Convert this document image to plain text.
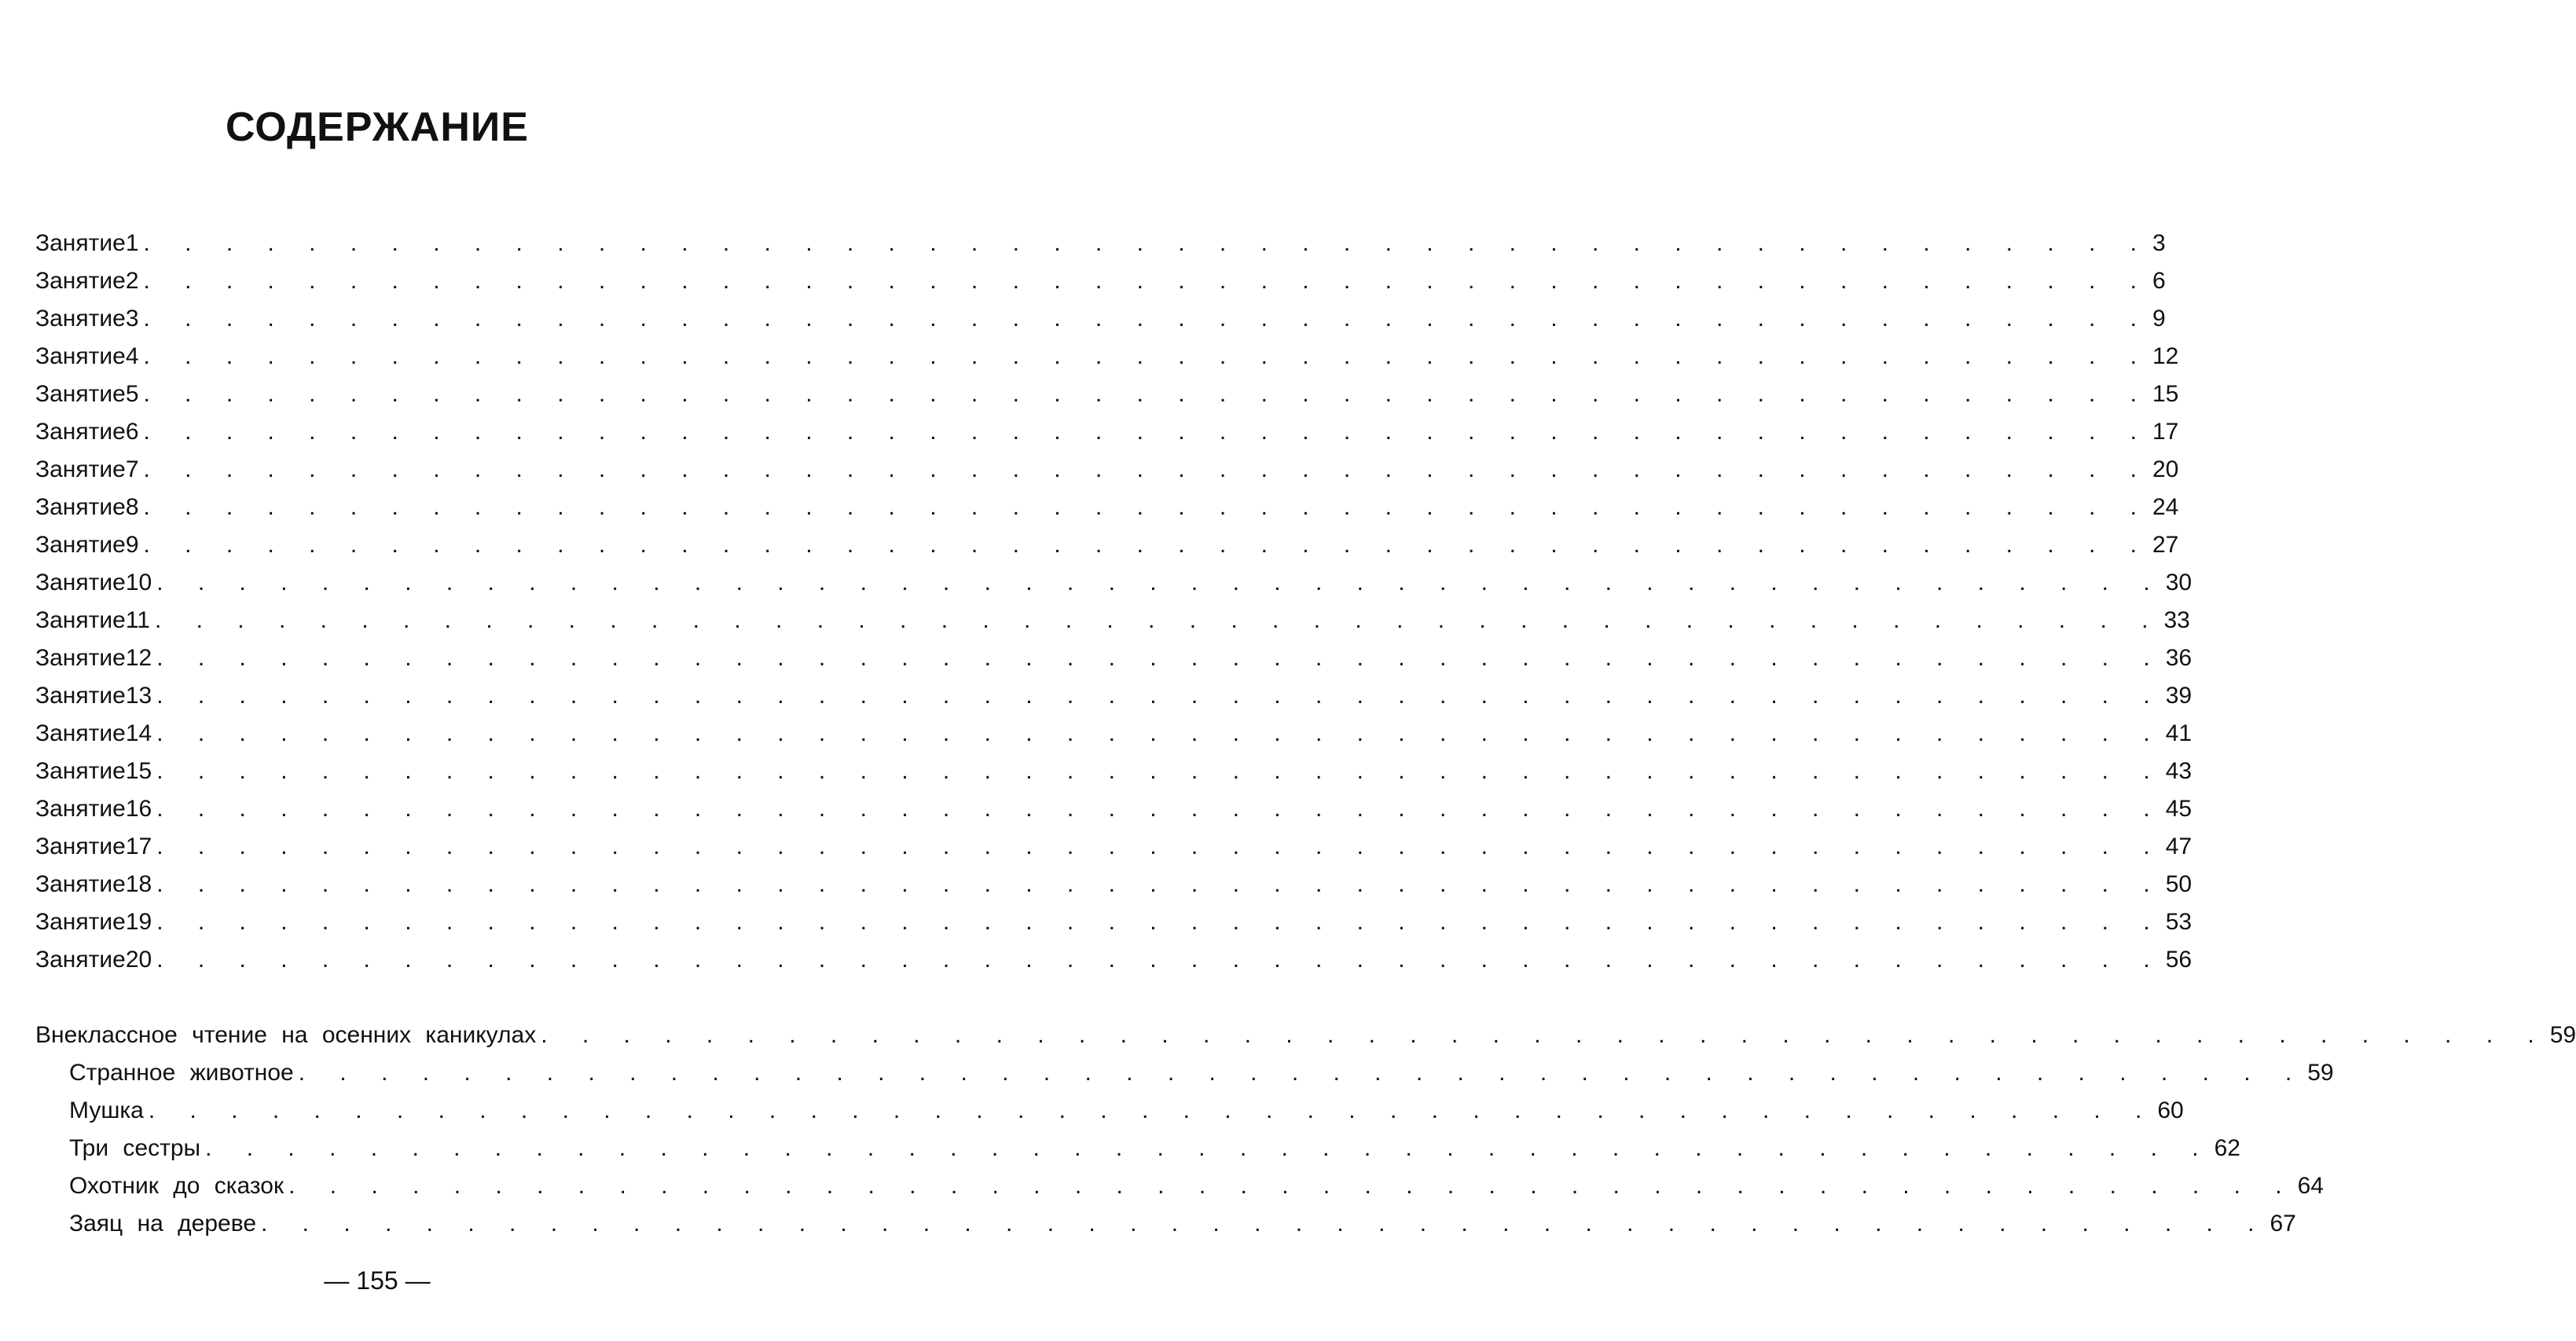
СОДЕРЖАНИЕ
Занятие 1 . . . . . . . . . . . . . . . . . . . . . . . . . . . . . . . . . . . . . . . . . . . . . . . . . 3
Занятие 2 . . . . . . . . . . . . . . . . . . . . . . . . . . . . . . . . . . . . . . . . . . . . . . . . . 6
Занятие 3 . . . . . . . . . . . . . . . . . . . . . . . . . . . . . . . . . . . . . . . . . . . . . . . . . 9
Занятие 4 . . . . . . . . . . . . . . . . . . . . . . . . . . . . . . . . . . . . . . . . . . . . . . . . . 12
Занятие 5 . . . . . . . . . . . . . . . . . . . . . . . . . . . . . . . . . . . . . . . . . . . . . . . . . 15
Занятие 6 . . . . . . . . . . . . . . . . . . . . . . . . . . . . . . . . . . . . . . . . . . . . . . . . . 17
Занятие 7 . . . . . . . . . . . . . . . . . . . . . . . . . . . . . . . . . . . . . . . . . . . . . . . . . 20
Занятие 8 . . . . . . . . . . . . . . . . . . . . . . . . . . . . . . . . . . . . . . . . . . . . . . . . . 24
Занятие 9 . . . . . . . . . . . . . . . . . . . . . . . . . . . . . . . . . . . . . . . . . . . . . . . . . 27
Занятие 10 . . . . . . . . . . . . . . . . . . . . . . . . . . . . . . . . . . . . . . . . . . . . . . . . . 30
Занятие 11 . . . . . . . . . . . . . . . . . . . . . . . . . . . . . . . . . . . . . . . . . . . . . . . . . 33
Занятие 12 . . . . . . . . . . . . . . . . . . . . . . . . . . . . . . . . . . . . . . . . . . . . . . . . . 36
Занятие 13 . . . . . . . . . . . . . . . . . . . . . . . . . . . . . . . . . . . . . . . . . . . . . . . . . 39
Занятие 14 . . . . . . . . . . . . . . . . . . . . . . . . . . . . . . . . . . . . . . . . . . . . . . . . . 41
Занятие 15 . . . . . . . . . . . . . . . . . . . . . . . . . . . . . . . . . . . . . . . . . . . . . . . . . 43
Занятие 16 . . . . . . . . . . . . . . . . . . . . . . . . . . . . . . . . . . . . . . . . . . . . . . . . . 45
Занятие 17 . . . . . . . . . . . . . . . . . . . . . . . . . . . . . . . . . . . . . . . . . . . . . . . . . 47
Занятие 18 . . . . . . . . . . . . . . . . . . . . . . . . . . . . . . . . . . . . . . . . . . . . . . . . . 50
Занятие 19 . . . . . . . . . . . . . . . . . . . . . . . . . . . . . . . . . . . . . . . . . . . . . . . . . 53
Занятие 20 . . . . . . . . . . . . . . . . . . . . . . . . . . . . . . . . . . . . . . . . . . . . . . . . . 56
Внеклассное чтение на осенних каникулах . . . . . . . . . . . . . . . . . . . . . . . . . . . . . . . . . . . . . . . . . . . . . . . . . 59
Странное животное . . . . . . . . . . . . . . . . . . . . . . . . . . . . . . . . . . . . . . . . . . . . . . . . . 59
Мушка . . . . . . . . . . . . . . . . . . . . . . . . . . . . . . . . . . . . . . . . . . . . . . . . . 60
Три сестры . . . . . . . . . . . . . . . . . . . . . . . . . . . . . . . . . . . . . . . . . . . . . . . . . 62
Охотник до сказок . . . . . . . . . . . . . . . . . . . . . . . . . . . . . . . . . . . . . . . . . . . . . . . . . 64
Заяц на дереве . . . . . . . . . . . . . . . . . . . . . . . . . . . . . . . . . . . . . . . . . . . . . . . . . 67
— 155 —
